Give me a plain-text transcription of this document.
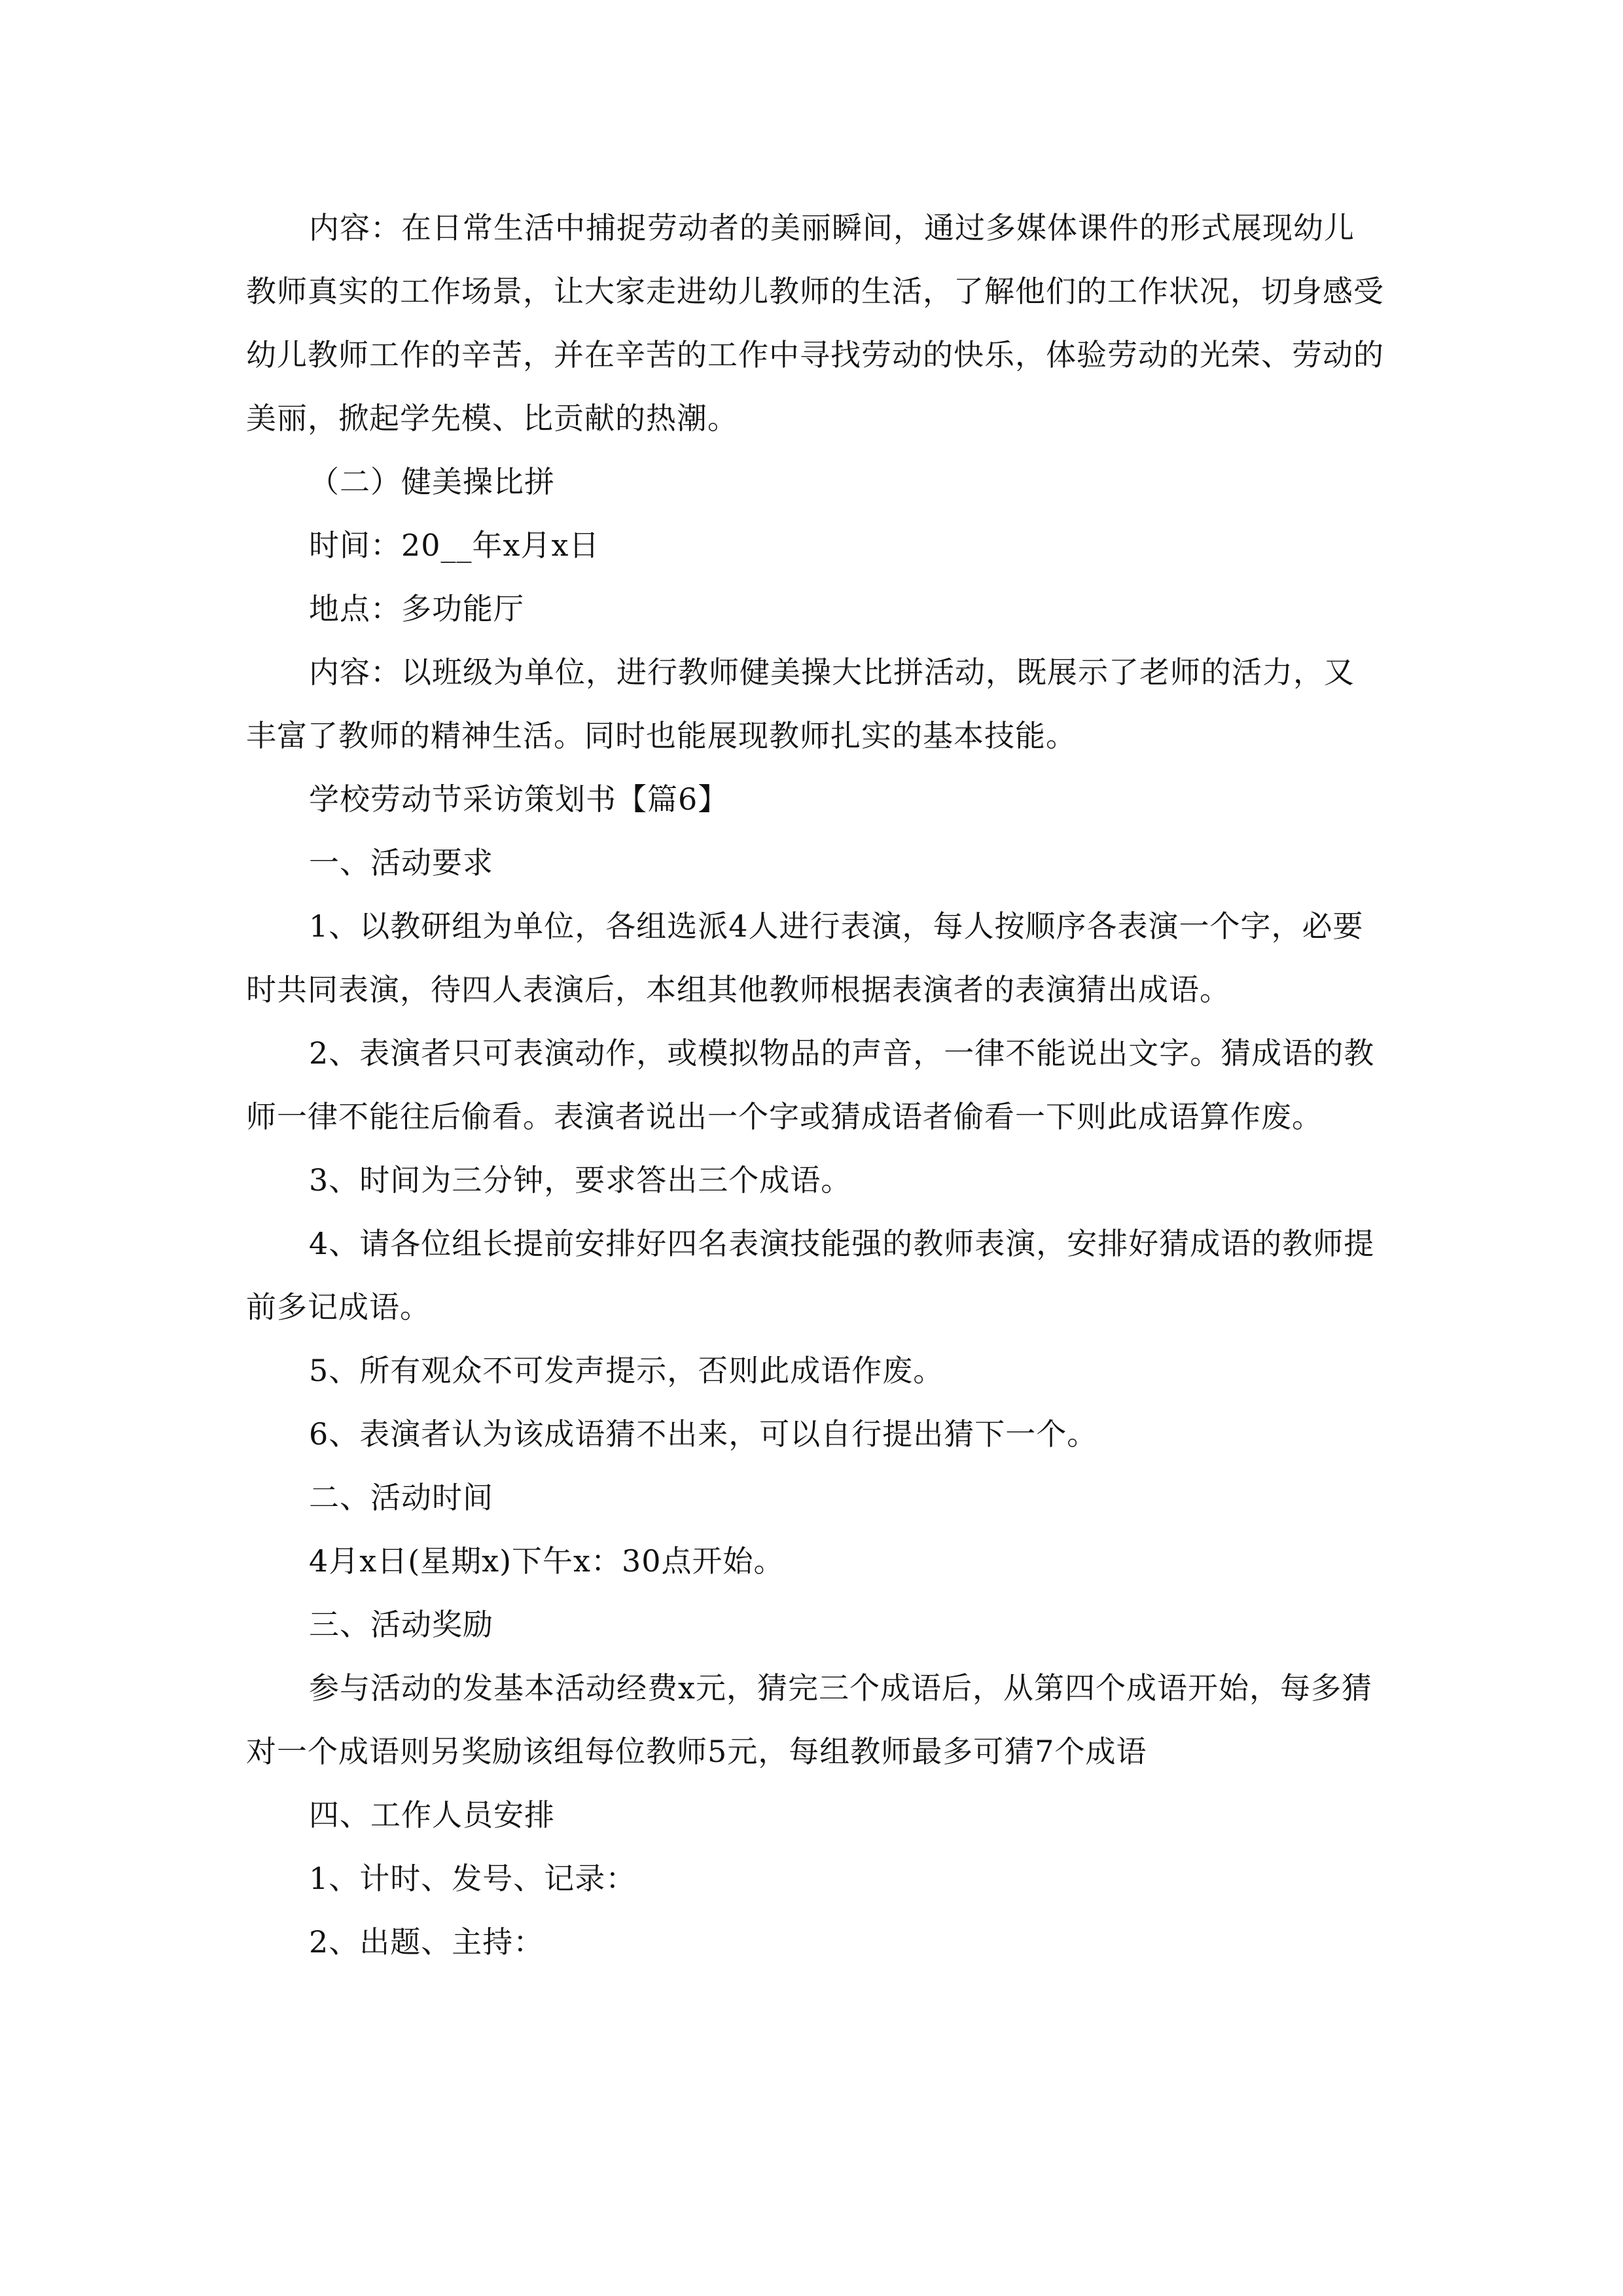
内容：在日常生活中捕捉劳动者的美丽瞬间，通过多媒体课件的形式展现幼儿教师真实的工作场景，让大家走进幼儿教师的生活，了解他们的工作状况，切身感受幼儿教师工作的辛苦，并在辛苦的工作中寻找劳动的快乐，体验劳动的光荣、劳动的美丽，掀起学先模、比贡献的热潮。

（二）健美操比拼

时间：20__年x月x日

地点：多功能厅

内容：以班级为单位，进行教师健美操大比拼活动，既展示了老师的活力，又丰富了教师的精神生活。同时也能展现教师扎实的基本技能。

学校劳动节采访策划书【篇6】

一、活动要求

1、以教研组为单位，各组选派4人进行表演，每人按顺序各表演一个字，必要时共同表演，待四人表演后，本组其他教师根据表演者的表演猜出成语。

2、表演者只可表演动作，或模拟物品的声音，一律不能说出文字。猜成语的教师一律不能往后偷看。表演者说出一个字或猜成语者偷看一下则此成语算作废。

3、时间为三分钟，要求答出三个成语。

4、请各位组长提前安排好四名表演技能强的教师表演，安排好猜成语的教师提前多记成语。

5、所有观众不可发声提示，否则此成语作废。

6、表演者认为该成语猜不出来，可以自行提出猜下一个。

二、活动时间

4月x日(星期x)下午x：30点开始。

三、活动奖励

参与活动的发基本活动经费x元，猜完三个成语后，从第四个成语开始，每多猜对一个成语则另奖励该组每位教师5元，每组教师最多可猜7个成语

四、工作人员安排

1、计时、发号、记录：

2、出题、主持：
